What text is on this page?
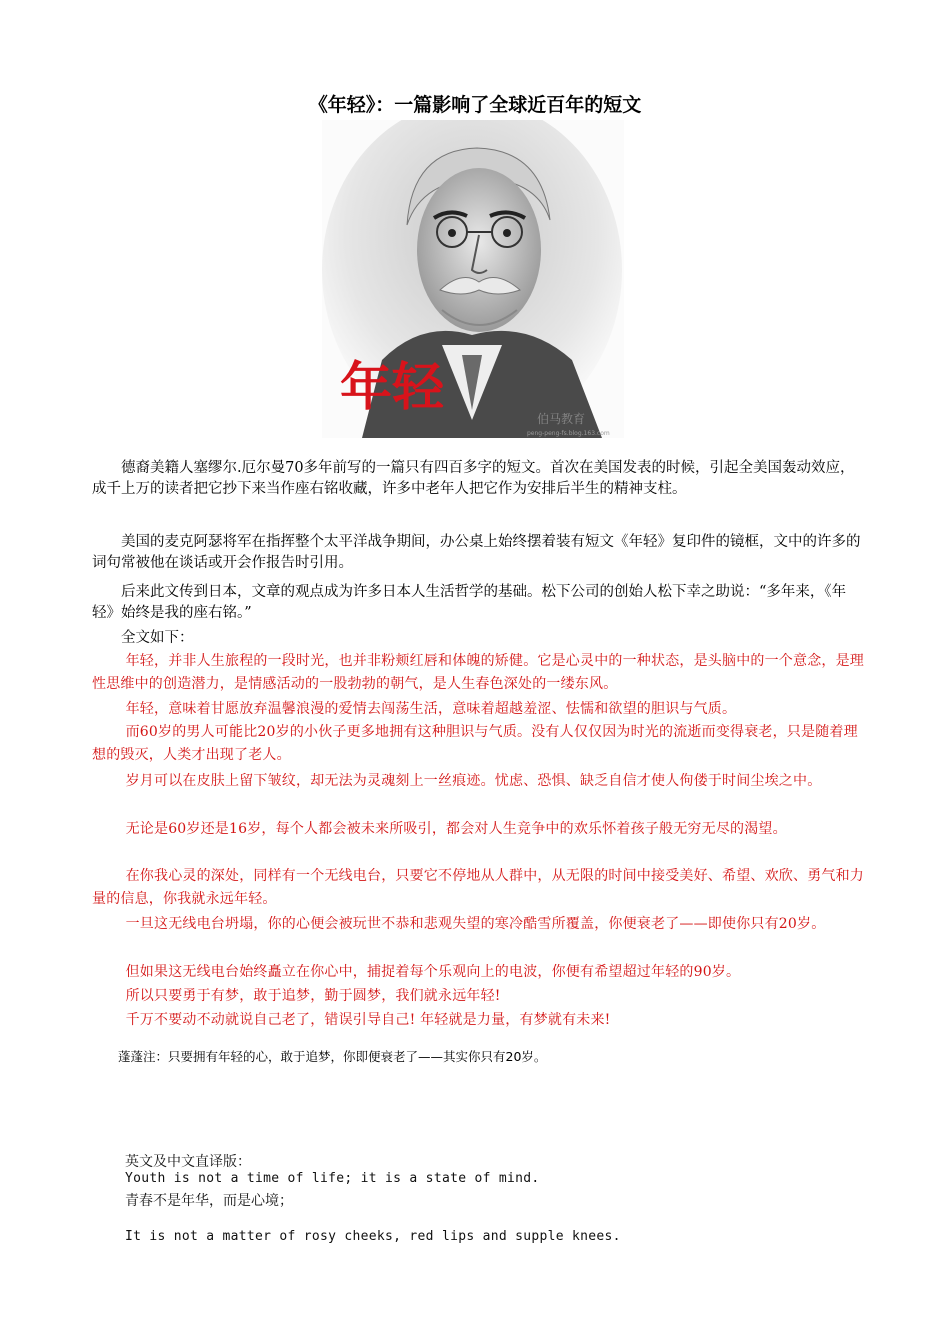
《年轻》：一篇影响了全球近百年的短文
年轻
伯马教育
peng-peng-fs.blog.163.com

德裔美籍人塞缪尔.厄尔曼70多年前写的一篇只有四百多字的短文。首次在美国发表的时候，引起全美国轰动效应，成千上万的读者把它抄下来当作座右铭收藏，许多中老年人把它作为安排后半生的精神支柱。

美国的麦克阿瑟将军在指挥整个太平洋战争期间，办公桌上始终摆着装有短文《年轻》复印件的镜框，文中的许多的词句常被他在谈话或开会作报告时引用。

后来此文传到日本，文章的观点成为许多日本人生活哲学的基础。松下公司的创始人松下幸之助说：“多年来，《年轻》始终是我的座右铭。”

全文如下：

年轻，并非人生旅程的一段时光，也并非粉颊红唇和体魄的矫健。它是心灵中的一种状态，是头脑中的一个意念，是理性思维中的创造潜力，是情感活动的一股勃勃的朝气，是人生春色深处的一缕东风。

年轻，意味着甘愿放弃温馨浪漫的爱情去闯荡生活，意味着超越羞涩、怯懦和欲望的胆识与气质。

而60岁的男人可能比20岁的小伙子更多地拥有这种胆识与气质。没有人仅仅因为时光的流逝而变得衰老，只是随着理想的毁灭，人类才出现了老人。

岁月可以在皮肤上留下皱纹，却无法为灵魂刻上一丝痕迹。忧虑、恐惧、缺乏自信才使人佝偻于时间尘埃之中。

无论是60岁还是16岁，每个人都会被未来所吸引，都会对人生竞争中的欢乐怀着孩子般无穷无尽的渴望。

在你我心灵的深处，同样有一个无线电台，只要它不停地从人群中，从无限的时间中接受美好、希望、欢欣、勇气和力量的信息，你我就永远年轻。

一旦这无线电台坍塌，你的心便会被玩世不恭和悲观失望的寒冷酷雪所覆盖，你便衰老了——即使你只有20岁。

但如果这无线电台始终矗立在你心中，捕捉着每个乐观向上的电波，你便有希望超过年轻的90岁。

所以只要勇于有梦，敢于追梦，勤于圆梦，我们就永远年轻!

千万不要动不动就说自己老了，错误引导自己! 年轻就是力量，有梦就有未来!

蓬蓬注：只要拥有年轻的心，敢于追梦，你即便衰老了——其实你只有20岁。

英文及中文直译版：

Youth is not a time of life; it is a state of mind.

青春不是年华，而是心境；

It is not a matter of rosy cheeks, red lips and supple knees.
